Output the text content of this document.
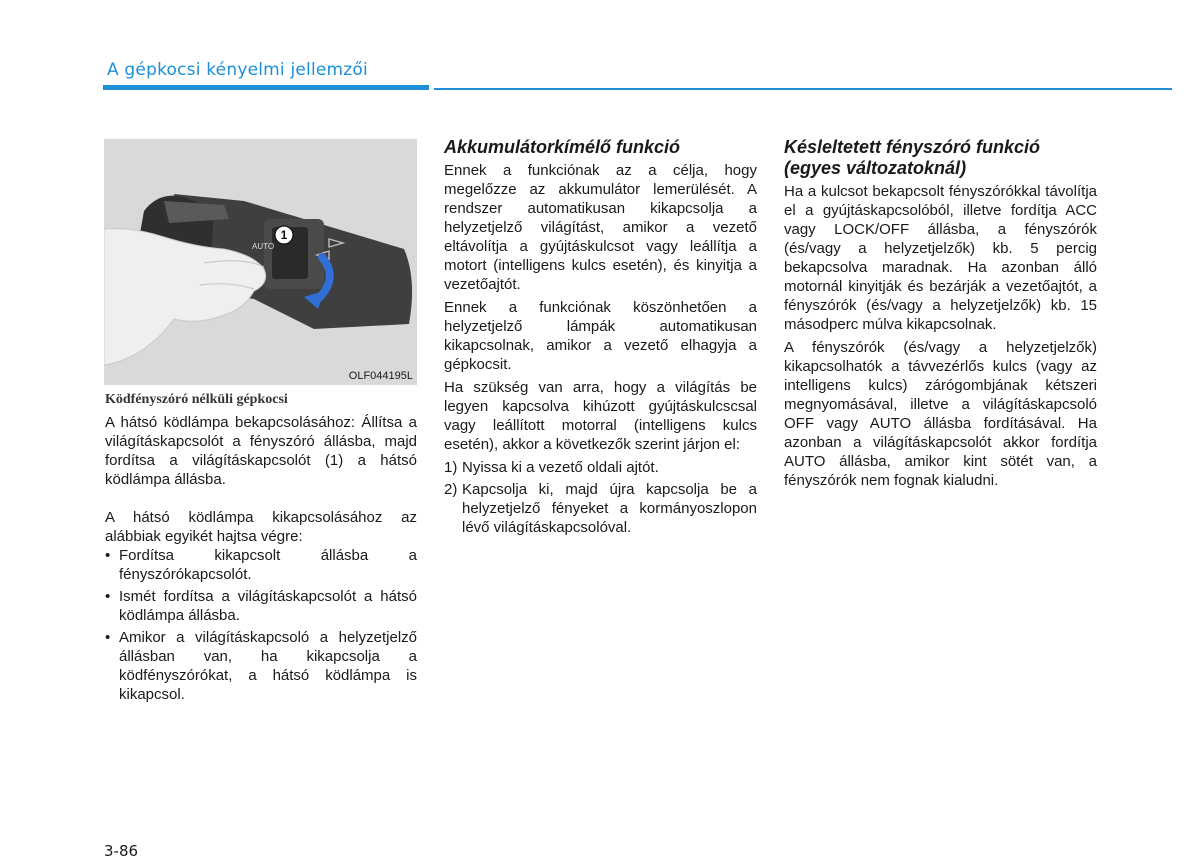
A gépkocsi kényelmi jellemzői
1
AUTO
OLF044195L

Ködfényszóró nélküli gépkocsi

A hátsó ködlámpa bekapcsolásához: Állítsa a világításkapcsolót a fényszóró állásba, majd fordítsa a világításkapcsolót (1) a hátsó ködlámpa állásba.

A hátsó ködlámpa kikapcsolásához az alábbiak egyikét hajtsa végre:

• Fordítsa kikapcsolt állásba a fényszórókapcsolót.
• Ismét fordítsa a világításkapcsolót a hátsó ködlámpa állásba.
• Amikor a világításkapcsoló a helyzetjelző állásban van, ha kikapcsolja a ködfényszórókat, a hátsó ködlámpa is kikapcsol.

Akkumulátorkímélő funkció

Ennek a funkciónak az a célja, hogy megelőzze az akkumulátor lemerülését. A rendszer automatikusan kikapcsolja a helyzetjelző világítást, amikor a vezető eltávolítja a gyújtáskulcsot vagy leállítja a motort (intelligens kulcs esetén), és kinyitja a vezetőajtót.

Ennek a funkciónak köszönhetően a helyzetjelző lámpák automatikusan kikapcsolnak, amikor a vezető elhagyja a gépkocsit.

Ha szükség van arra, hogy a világítás be legyen kapcsolva kihúzott gyújtáskulcscsal vagy leállított motorral (intelligens kulcs esetén), akkor a következők szerint járjon el:

1) Nyissa ki a vezető oldali ajtót.
2) Kapcsolja ki, majd újra kapcsolja be a helyzetjelző fényeket a kormányoszlopon lévő világításkapcsolóval.

Késleltetett fényszóró funkció (egyes változatoknál)

Ha a kulcsot bekapcsolt fényszórókkal távolítja el a gyújtáskapcsolóból, illetve fordítja ACC vagy LOCK/OFF állásba, a fényszórók (és/vagy a helyzetjelzők) kb. 5 percig bekapcsolva maradnak. Ha azonban álló motornál kinyitják és bezárják a vezetőajtót, a fényszórók (és/vagy a helyzetjelzők) kb. 15 másodperc múlva kikapcsolnak.

A fényszórók (és/vagy a helyzetjelzők) kikapcsolhatók a távvezérlős kulcs (vagy az intelligens kulcs) zárógombjának kétszeri megnyomásával, illetve a világításkapcsoló OFF vagy AUTO állásba fordításával. Ha azonban a világításkapcsolót akkor fordítja AUTO állásba, amikor kint sötét van, a fényszórók nem fognak kialudni.

3-86
